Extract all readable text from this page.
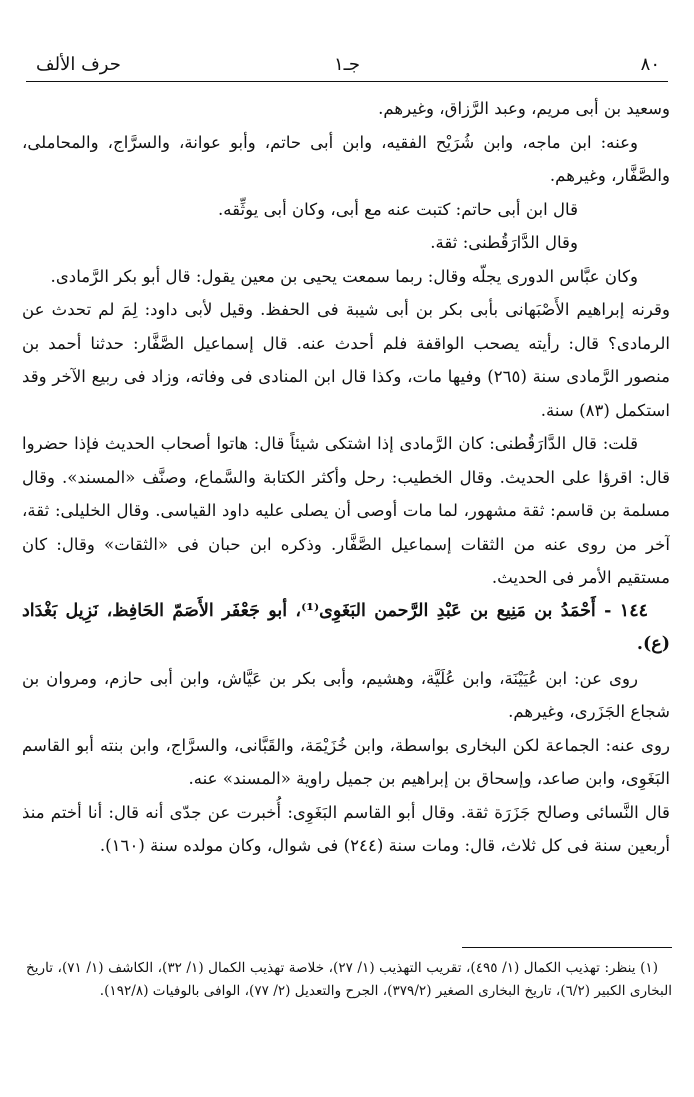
٨٠
جـ١
حرف الألف

وسعيد بن أبى مريم، وعبد الرَّزاق، وغيرهم.

وعنه: ابن ماجه، وابن شُرَيْح الفقيه، وابن أبى حاتم، وأبو عوانة، والسرَّاج، والمحاملى، والصَّفَّار، وغيرهم.

قال ابن أبى حاتم: كتبت عنه مع أبى، وكان أبى يوثِّقه.

وقال الدَّارَقُطنى: ثقة.

وكان عبَّاس الدورى يجلّه وقال: ربما سمعت يحيى بن معين يقول: قال أبو بكر الرَّمادى.

وقرنه إبراهيم الأَصْبَهانى بأبى بكر بن أبى شيبة فى الحفظ. وقيل لأبى داود: لِمَ لم تحدث عن الرمادى؟ قال: رأيته يصحب الواقفة فلم أحدث عنه. قال إسماعيل الصَّفَّار: حدثنا أحمد بن منصور الرَّمادى سنة (٢٦٥) وفيها مات، وكذا قال ابن المنادى فى وفاته، وزاد فى ربيع الآخر وقد استكمل (٨٣) سنة.

قلت: قال الدَّارَقُطنى: كان الرَّمادى إذا اشتكى شيئاً قال: هاتوا أصحاب الحديث فإذا حضروا قال: اقرؤا على الحديث. وقال الخطيب: رحل وأكثر الكتابة والسَّماع، وصنَّف «المسند». وقال مسلمة بن قاسم: ثقة مشهور، لما مات أوصى أن يصلى عليه داود القياسى. وقال الخليلى: ثقة، آخر من روى عنه من الثقات إسماعيل الصَّفَّار. وذكره ابن حبان فى «الثقات» وقال: كان مستقيم الأمر فى الحديث.

١٤٤ - أَحْمَدُ بن مَنِيع بن عَبْدِ الرَّحمن البَغَوِى⁽¹⁾، أبو جَعْفَر الأَصَمّ الحَافِظ، نَزِيل بَغْدَاد (ع).

روى عن: ابن عُيَيْنَة، وابن عُلَيَّة، وهشيم، وأبى بكر بن عَيَّاش، وابن أبى حازم، ومروان بن شجاع الجَزَرى، وغيرهم.

روى عنه: الجماعة لكن البخارى بواسطة، وابن خُزَيْمَة، والقَبَّانى، والسرَّاج، وابن بنته أبو القاسم البَغَوِى، وابن صاعد، وإسحاق بن إبراهيم بن جميل راوية «المسند» عنه.

قال النَّسائى وصالح جَزَرَة ثقة. وقال أبو القاسم البَغَوِى: أُخبرت عن جدّى أنه قال: أنا أختم منذ أربعين سنة فى كل ثلاث، قال: ومات سنة (٢٤٤) فى شوال، وكان مولده سنة (١٦٠).

(١) ينظر: تهذيب الكمال (١/ ٤٩٥)، تقريب التهذيب (١/ ٢٧)، خلاصة تهذيب الكمال (١/ ٣٢)، الكاشف (١/ ٧١)، تاريخ البخارى الكبير (٦/٢)، تاريخ البخارى الصغير (٣٧٩/٢)، الجرح والتعديل (٢/ ٧٧)، الوافى بالوفيات (١٩٢/٨).
